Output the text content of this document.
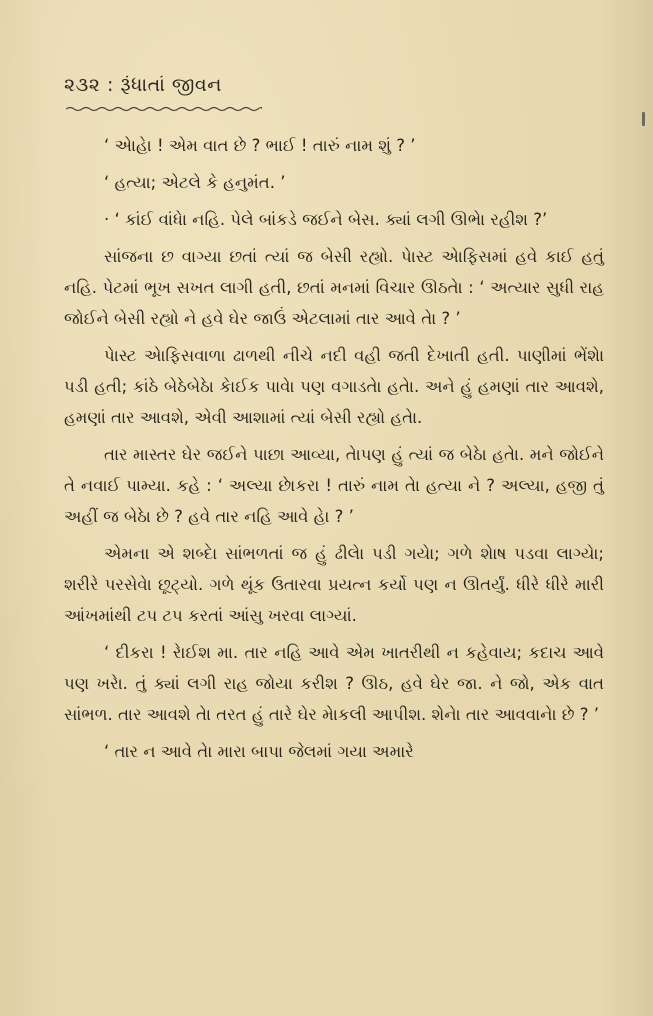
૨૩૨ : રૂંધાતાં જીવન

‘ એાહેા ! એમ વાત છે ? ભાઈ ! તારું નામ શું ? ’

‘ હત્યા; એટલે કે હનુમંત. ’

· ‘ કાંઈ વાંધેા નહિ. પેલે બાંકડે જઈને બેસ. ક્યાં લગી ઊભેા રહીશ ?’

સાંજના છ વાગ્યા છતાં ત્યાં જ બેસી રહ્યો. પેાસ્ટ એાફિસમાં હવે કાઈ હતું નહિ. પેટમાં ભૂખ સખત લાગી હતી, છતાં મનમાં વિચાર ઊઠતેા : ‘ અત્યાર સુધી રાહ જોઈને બેસી રહ્યો ને હવે ઘેર જાઉં એટલામાં તાર આવે તેા ? ’

પેાસ્ટ એાફિસવાળા ઢાળથી નીચે નદી વહી જતી દેખાતી હતી. પાણીમાં ભેંશેા પડી હતી; કાંઠે બેઠેબેઠેા કેાઈક પાવેા પણ વગાડતેા હતેા. અને હું હમણાં તાર આવશે, હમણાં તાર આવશે, એવી આશામાં ત્યાં બેસી રહ્યો હતેા.

તાર માસ્તર ઘેર જઈને પાછા આવ્યા, તેાપણ હું ત્યાં જ બેઠેા હતેા. મને જોઈને તે નવાઈ પામ્યા. કહે : ‘ અલ્યા છેાકરા ! તારું નામ તેા હત્યા ને ? અલ્યા, હજી તું અહીં જ બેઠેા છે ? હવે તાર નહિ આવે હેા ? ’

એમના એ શબ્દેા સાંભળતાં જ હું ઢીલેા પડી ગયેા; ગળે શેાષ પડવા લાગ્યેા; શરીરે પરસેવેા છૂટ્યો. ગળે થૂંક ઉતારવા પ્રયત્ન કર્યો પણ ન ઊતર્યું. ધીરે ધીરે મારી આંખમાંથી ટપ ટપ કરતાં આંસુ ખરવા લાગ્યાં.

‘ દીકરા ! રેાઈશ મા. તાર નહિ આવે એમ ખાતરીથી ન કહેવાય; કદાચ આવે પણ ખરેા. તું ક્યાં લગી રાહ જોયા કરીશ ? ઊઠ, હવે ઘેર જા. ને જો, એક વાત સાંભળ. તાર આવશે તેા તરત હું તારે ઘેર મેાકલી આપીશ. શેનેા તાર આવવાનેા છે ? ’

‘ તાર ન આવે તેા મારા બાપા જેલમાં ગયા અમારે
